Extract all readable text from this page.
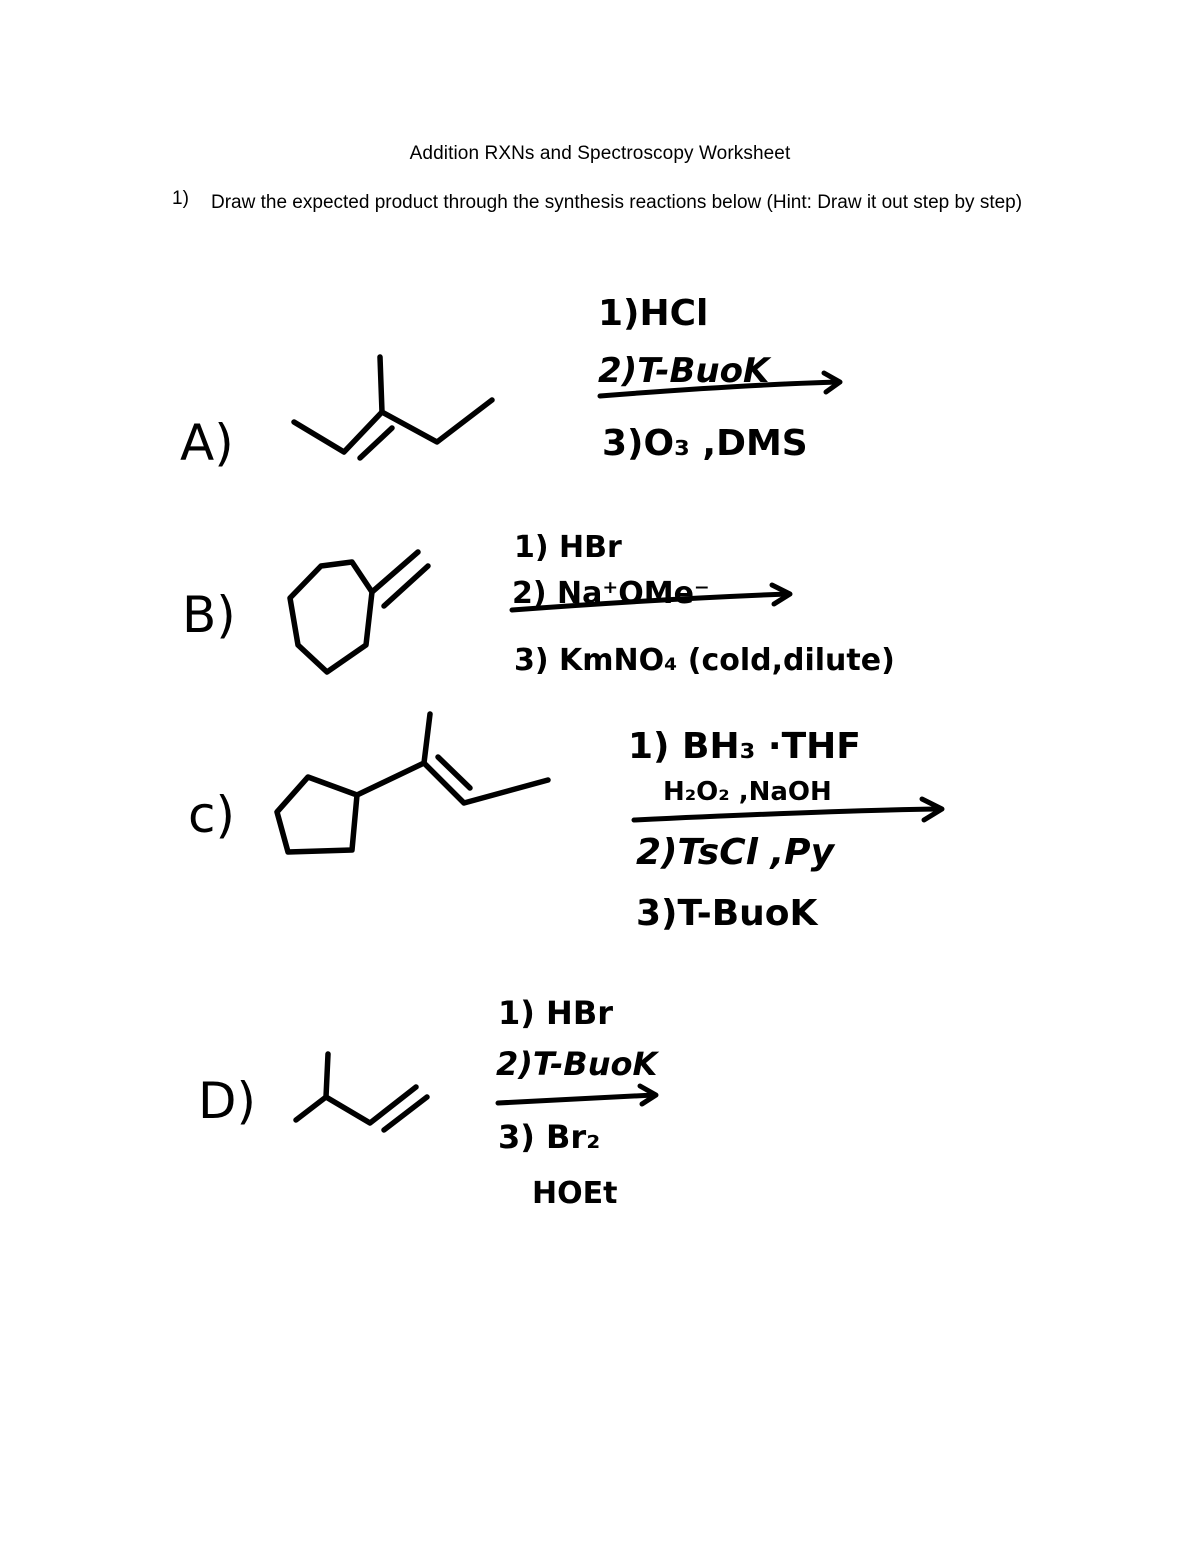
Addition RXNs and Spectroscopy Worksheet
1) Draw the expected product through the synthesis reactions below (Hint: Draw it out step by step)
A)
1)HCl
2)T-BuoK
3)O₃ ,DMS
B)
1) HBr
2) Na⁺OMe⁻
3) KmNO₄ (cold,dilute)
c)
1) BH₃ ·THF
H₂O₂ ,NaOH
2)TsCl ,Py
3)T-BuoK
D)
1) HBr
2)T-BuoK
3) Br₂
HOEt
